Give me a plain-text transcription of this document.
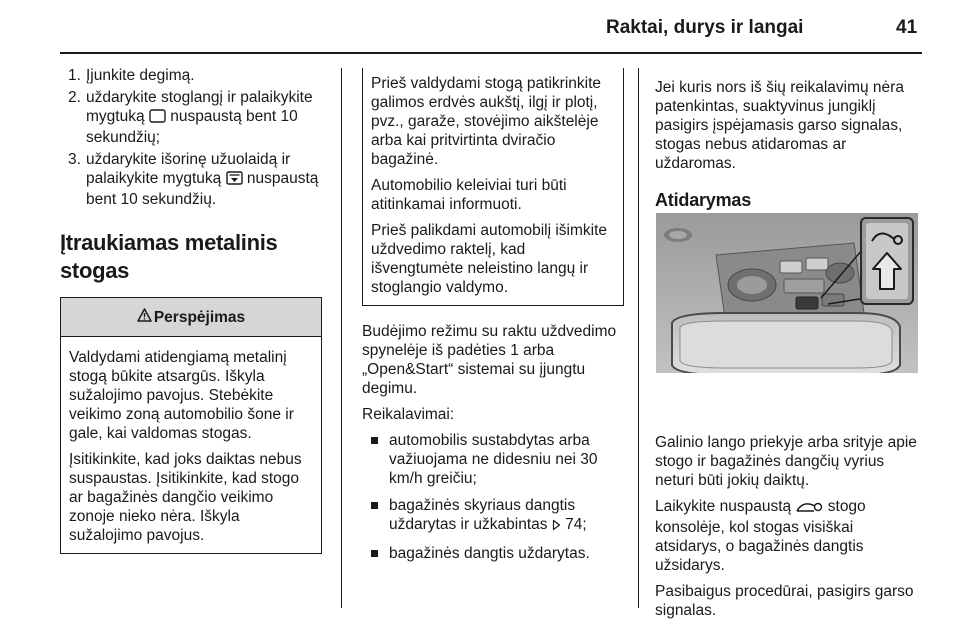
Raktai, durys ir langai	41
1. Įjunkite degimą.
2. uždarykite stoglangį ir palaikykite mygtuką  nuspaustą bent 10 sekundžių;
3. uždarykite išorinę užuolaidą ir palaikykite mygtuką  nuspaustą bent 10 sekundžių.
Įtraukiamas metalinis stogas
Perspėjimas

Valdydami atidengiamą metalinį stogą būkite atsargūs. Iškyla sužalojimo pavojus. Stebėkite veikimo zoną automobilio šone ir gale, kai valdomas stogas.

Įsitikinkite, kad joks daiktas nebus suspaustas. Įsitikinkite, kad stogo ar bagažinės dangčio veikimo zonoje nieko nėra. Iškyla sužalojimo pavojus.

Prieš valdydami stogą patikrinkite galimos erdvės aukštį, ilgį ir plotį, pvz., garaže, stovėjimo aikštelėje arba kai pritvirtinta dviračio bagažinė.

Automobilio keleiviai turi būti atitinkamai informuoti.

Prieš palikdami automobilį išimkite uždvedimo raktelį, kad išvengtumėte neleistino langų ir stoglangio valdymo.

Budėjimo režimu su raktu uždvedimo spynelėje iš padėties 1 arba „Open&Start“ sistemai su įjungtu degimu.

Reikalavimai:

automobilis sustabdytas arba važiuojama ne didesniu nei 30 km/h greičiu;
bagažinės skyriaus dangtis uždarytas ir užkabintas  74;
bagažinės dangtis uždarytas.

Jei kuris nors iš šių reikalavimų nėra patenkintas, suaktyvinus jungiklį pasigirs įspėjamasis garso signalas, stogas nebus atidaromas ar uždaromas.

Atidarymas

Galinio lango priekyje arba srityje apie stogo ir bagažinės dangčių vyrius neturi būti jokių daiktų.

Laikykite nuspaustą  stogo konsolėje, kol stogas visiškai atsidarys, o bagažinės dangtis užsidarys.

Pasibaigus procedūrai, pasigirs garso signalas.
